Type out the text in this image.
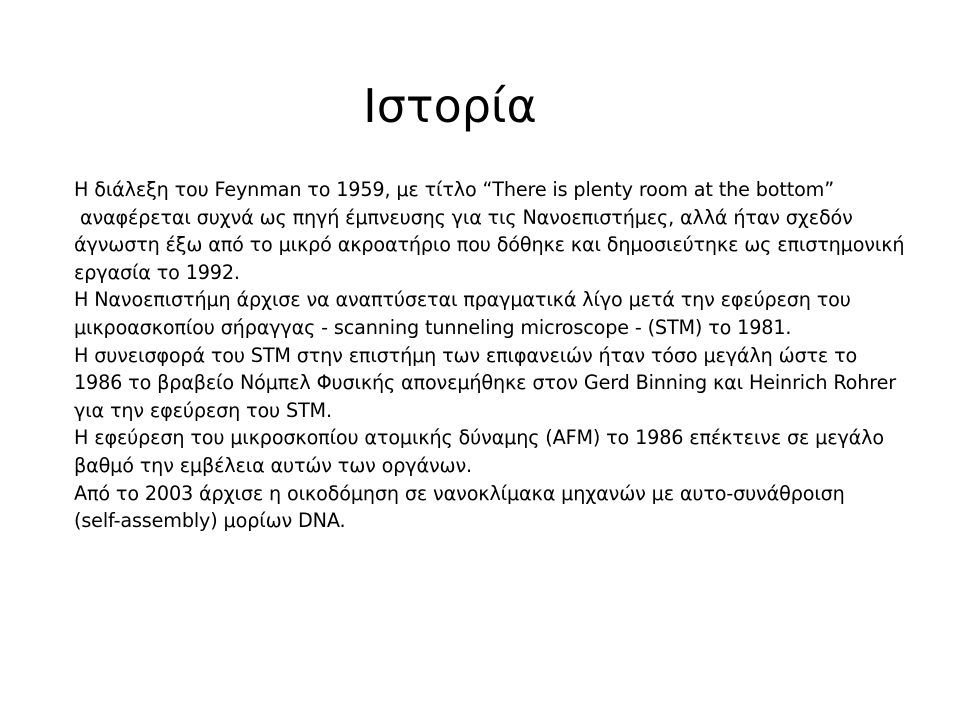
Ιστορία
Η διάλεξη του Feynman το 1959, με τίτλο “There is plenty room at the bottom”
αναφέρεται συχνά ως πηγή έμπνευσης για τις Νανοεπιστήμες, αλλά ήταν σχεδόν
άγνωστη έξω από το μικρό ακροατήριο που δόθηκε και δημοσιεύτηκε ως επιστημονική
εργασία το 1992.
Η Νανοεπιστήμη άρχισε να αναπτύσεται πραγματικά λίγο μετά την εφεύρεση του
μικροασκοπίου σήραγγας - scanning tunneling microscope - (STM) το 1981.
Η συνεισφορά του STM στην επιστήμη των επιφανειών ήταν τόσο μεγάλη ώστε το
1986 το βραβείο Νόμπελ Φυσικής απονεμήθηκε στον Gerd Binning και Heinrich Rohrer
για την εφεύρεση του STM.
Η εφεύρεση του μικροσκοπίου ατομικής δύναμης (AFM) το 1986 επέκτεινε σε μεγάλο
βαθμό την εμβέλεια αυτών των οργάνων.
Από το 2003 άρχισε η οικοδόμηση σε νανοκλίμακα μηχανών με αυτο-συνάθροιση
(self-assembly) μορίων DNA.
